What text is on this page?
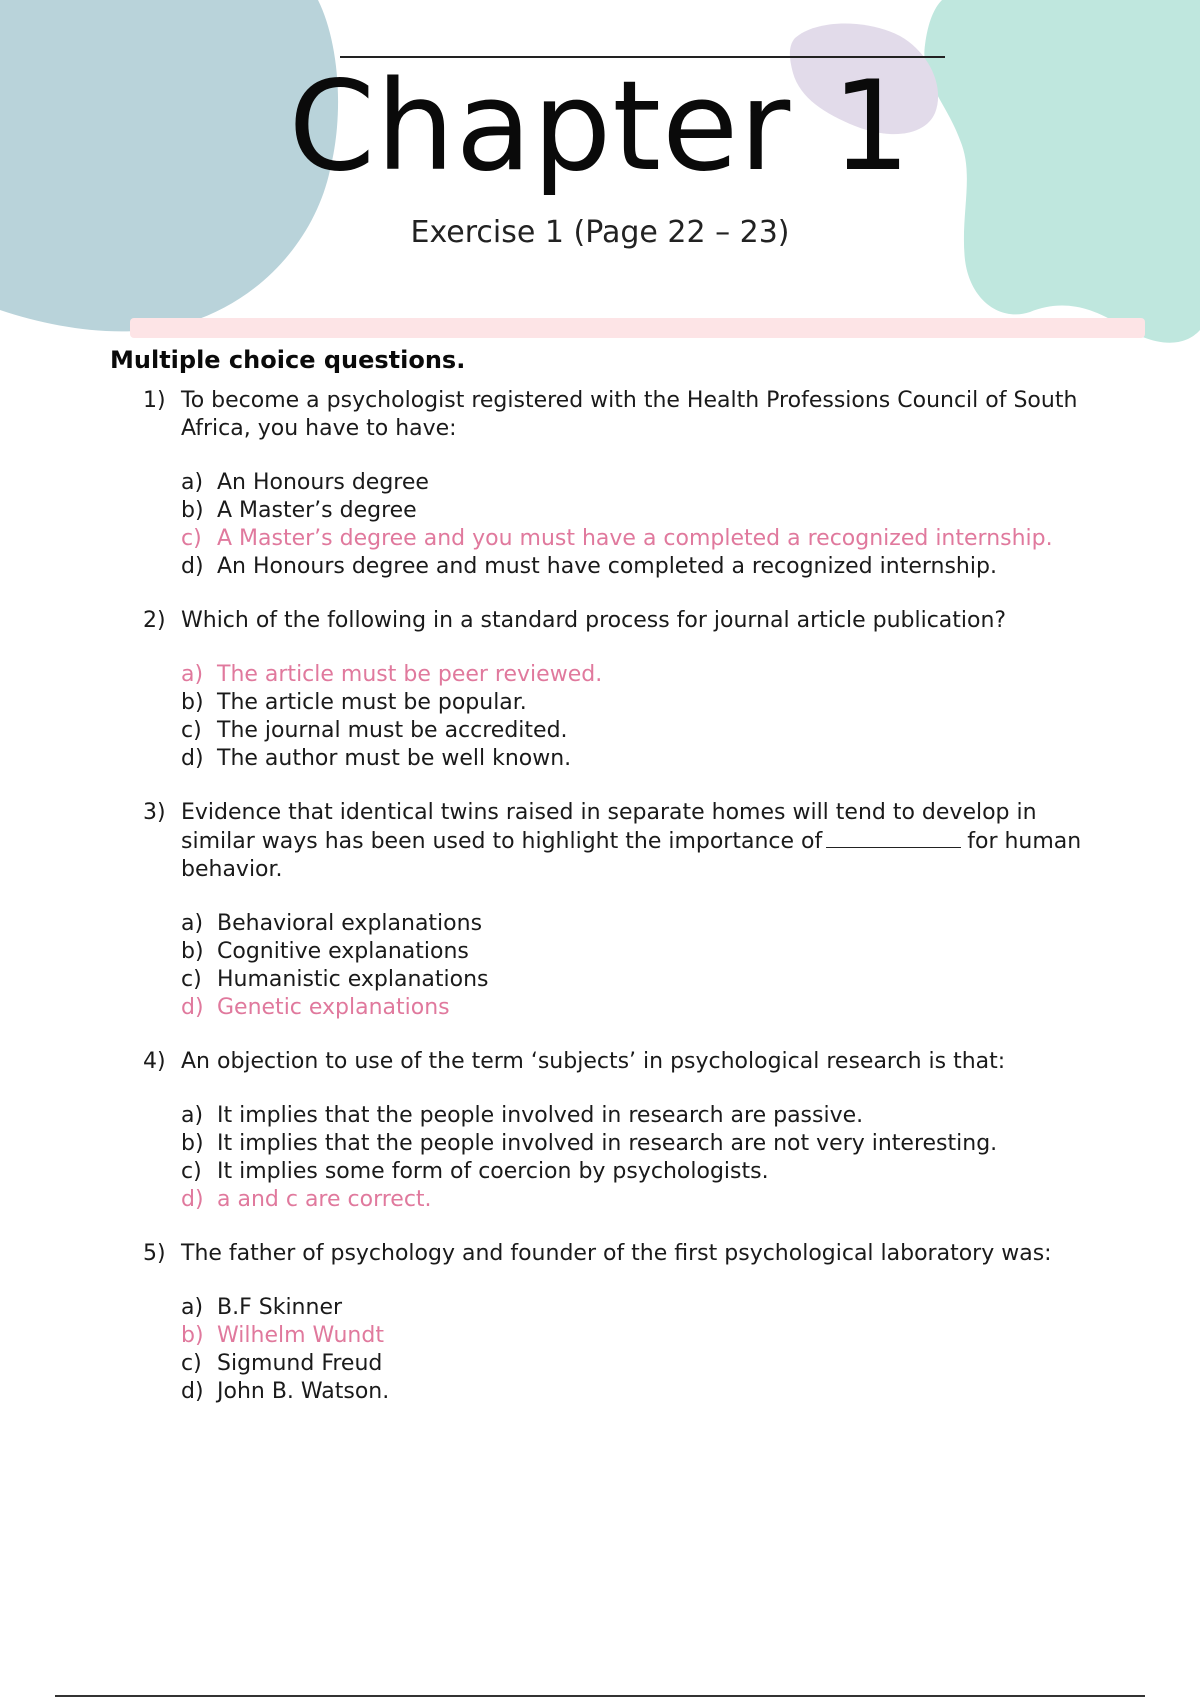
Chapter 1

Exercise 1 (Page 22 – 23)

Multiple choice questions.
1) To become a psychologist registered with the Health Professions Council of South Africa, you have to have:
a) An Honours degree
b) A Master’s degree
c) A Master’s degree and you must have a completed a recognized internship.
d) An Honours degree and must have completed a recognized internship.
2) Which of the following in a standard process for journal article publication?
a) The article must be peer reviewed.
b) The article must be popular.
c) The journal must be accredited.
d) The author must be well known.
3) Evidence that identical twins raised in separate homes will tend to develop in similar ways has been used to highlight the importance of	for human behavior.
a) Behavioral explanations
b) Cognitive explanations
c) Humanistic explanations
d) Genetic explanations
4) An objection to use of the term ‘subjects’ in psychological research is that:
a) It implies that the people involved in research are passive.
b) It implies that the people involved in research are not very interesting.
c) It implies some form of coercion by psychologists.
d) a and c are correct.
5) The father of psychology and founder of the first psychological laboratory was:
a) B.F Skinner
b) Wilhelm Wundt
c) Sigmund Freud
d) John B. Watson.
